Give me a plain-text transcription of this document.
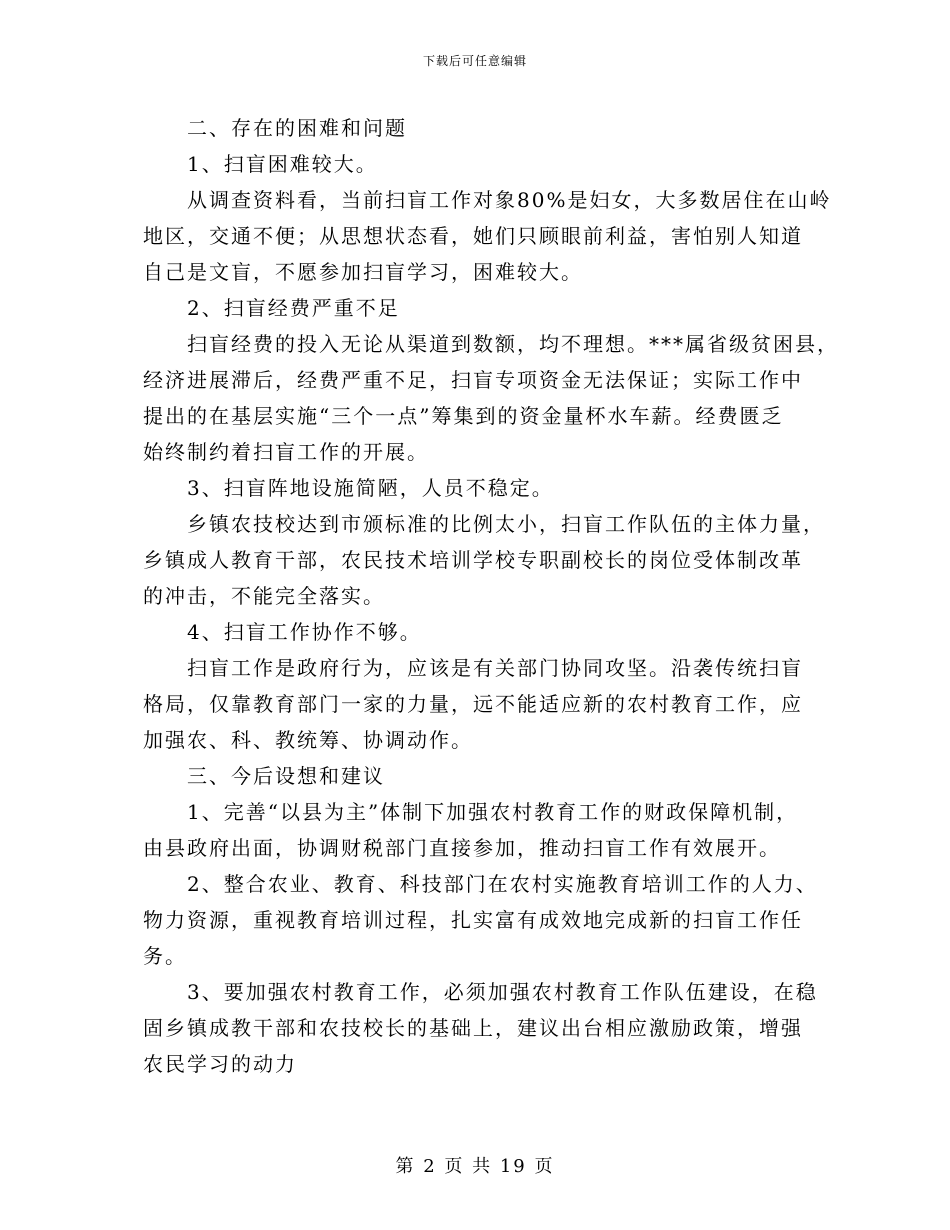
下载后可任意编辑
二、存在的困难和问题
1、扫盲困难较大。
从调查资料看，当前扫盲工作对象80%是妇女，大多数居住在山岭
地区，交通不便；从思想状态看，她们只顾眼前利益，害怕别人知道
自己是文盲，不愿参加扫盲学习，困难较大。
2、扫盲经费严重不足
扫盲经费的投入无论从渠道到数额，均不理想。***属省级贫困县，
经济进展滞后，经费严重不足，扫盲专项资金无法保证；实际工作中
提出的在基层实施“三个一点”筹集到的资金量杯水车薪。经费匮乏
始终制约着扫盲工作的开展。
3、扫盲阵地设施简陋，人员不稳定。
乡镇农技校达到市颁标准的比例太小，扫盲工作队伍的主体力量，
乡镇成人教育干部，农民技术培训学校专职副校长的岗位受体制改革
的冲击，不能完全落实。
4、扫盲工作协作不够。
扫盲工作是政府行为，应该是有关部门协同攻坚。沿袭传统扫盲
格局，仅靠教育部门一家的力量，远不能适应新的农村教育工作，应
加强农、科、教统筹、协调动作。
三、今后设想和建议
1、完善“以县为主”体制下加强农村教育工作的财政保障机制，
由县政府出面，协调财税部门直接参加，推动扫盲工作有效展开。
2、整合农业、教育、科技部门在农村实施教育培训工作的人力、
物力资源，重视教育培训过程，扎实富有成效地完成新的扫盲工作任
务。
3、要加强农村教育工作，必须加强农村教育工作队伍建设，在稳
固乡镇成教干部和农技校长的基础上，建议出台相应激励政策，增强
农民学习的动力
第 2 页 共 19 页
